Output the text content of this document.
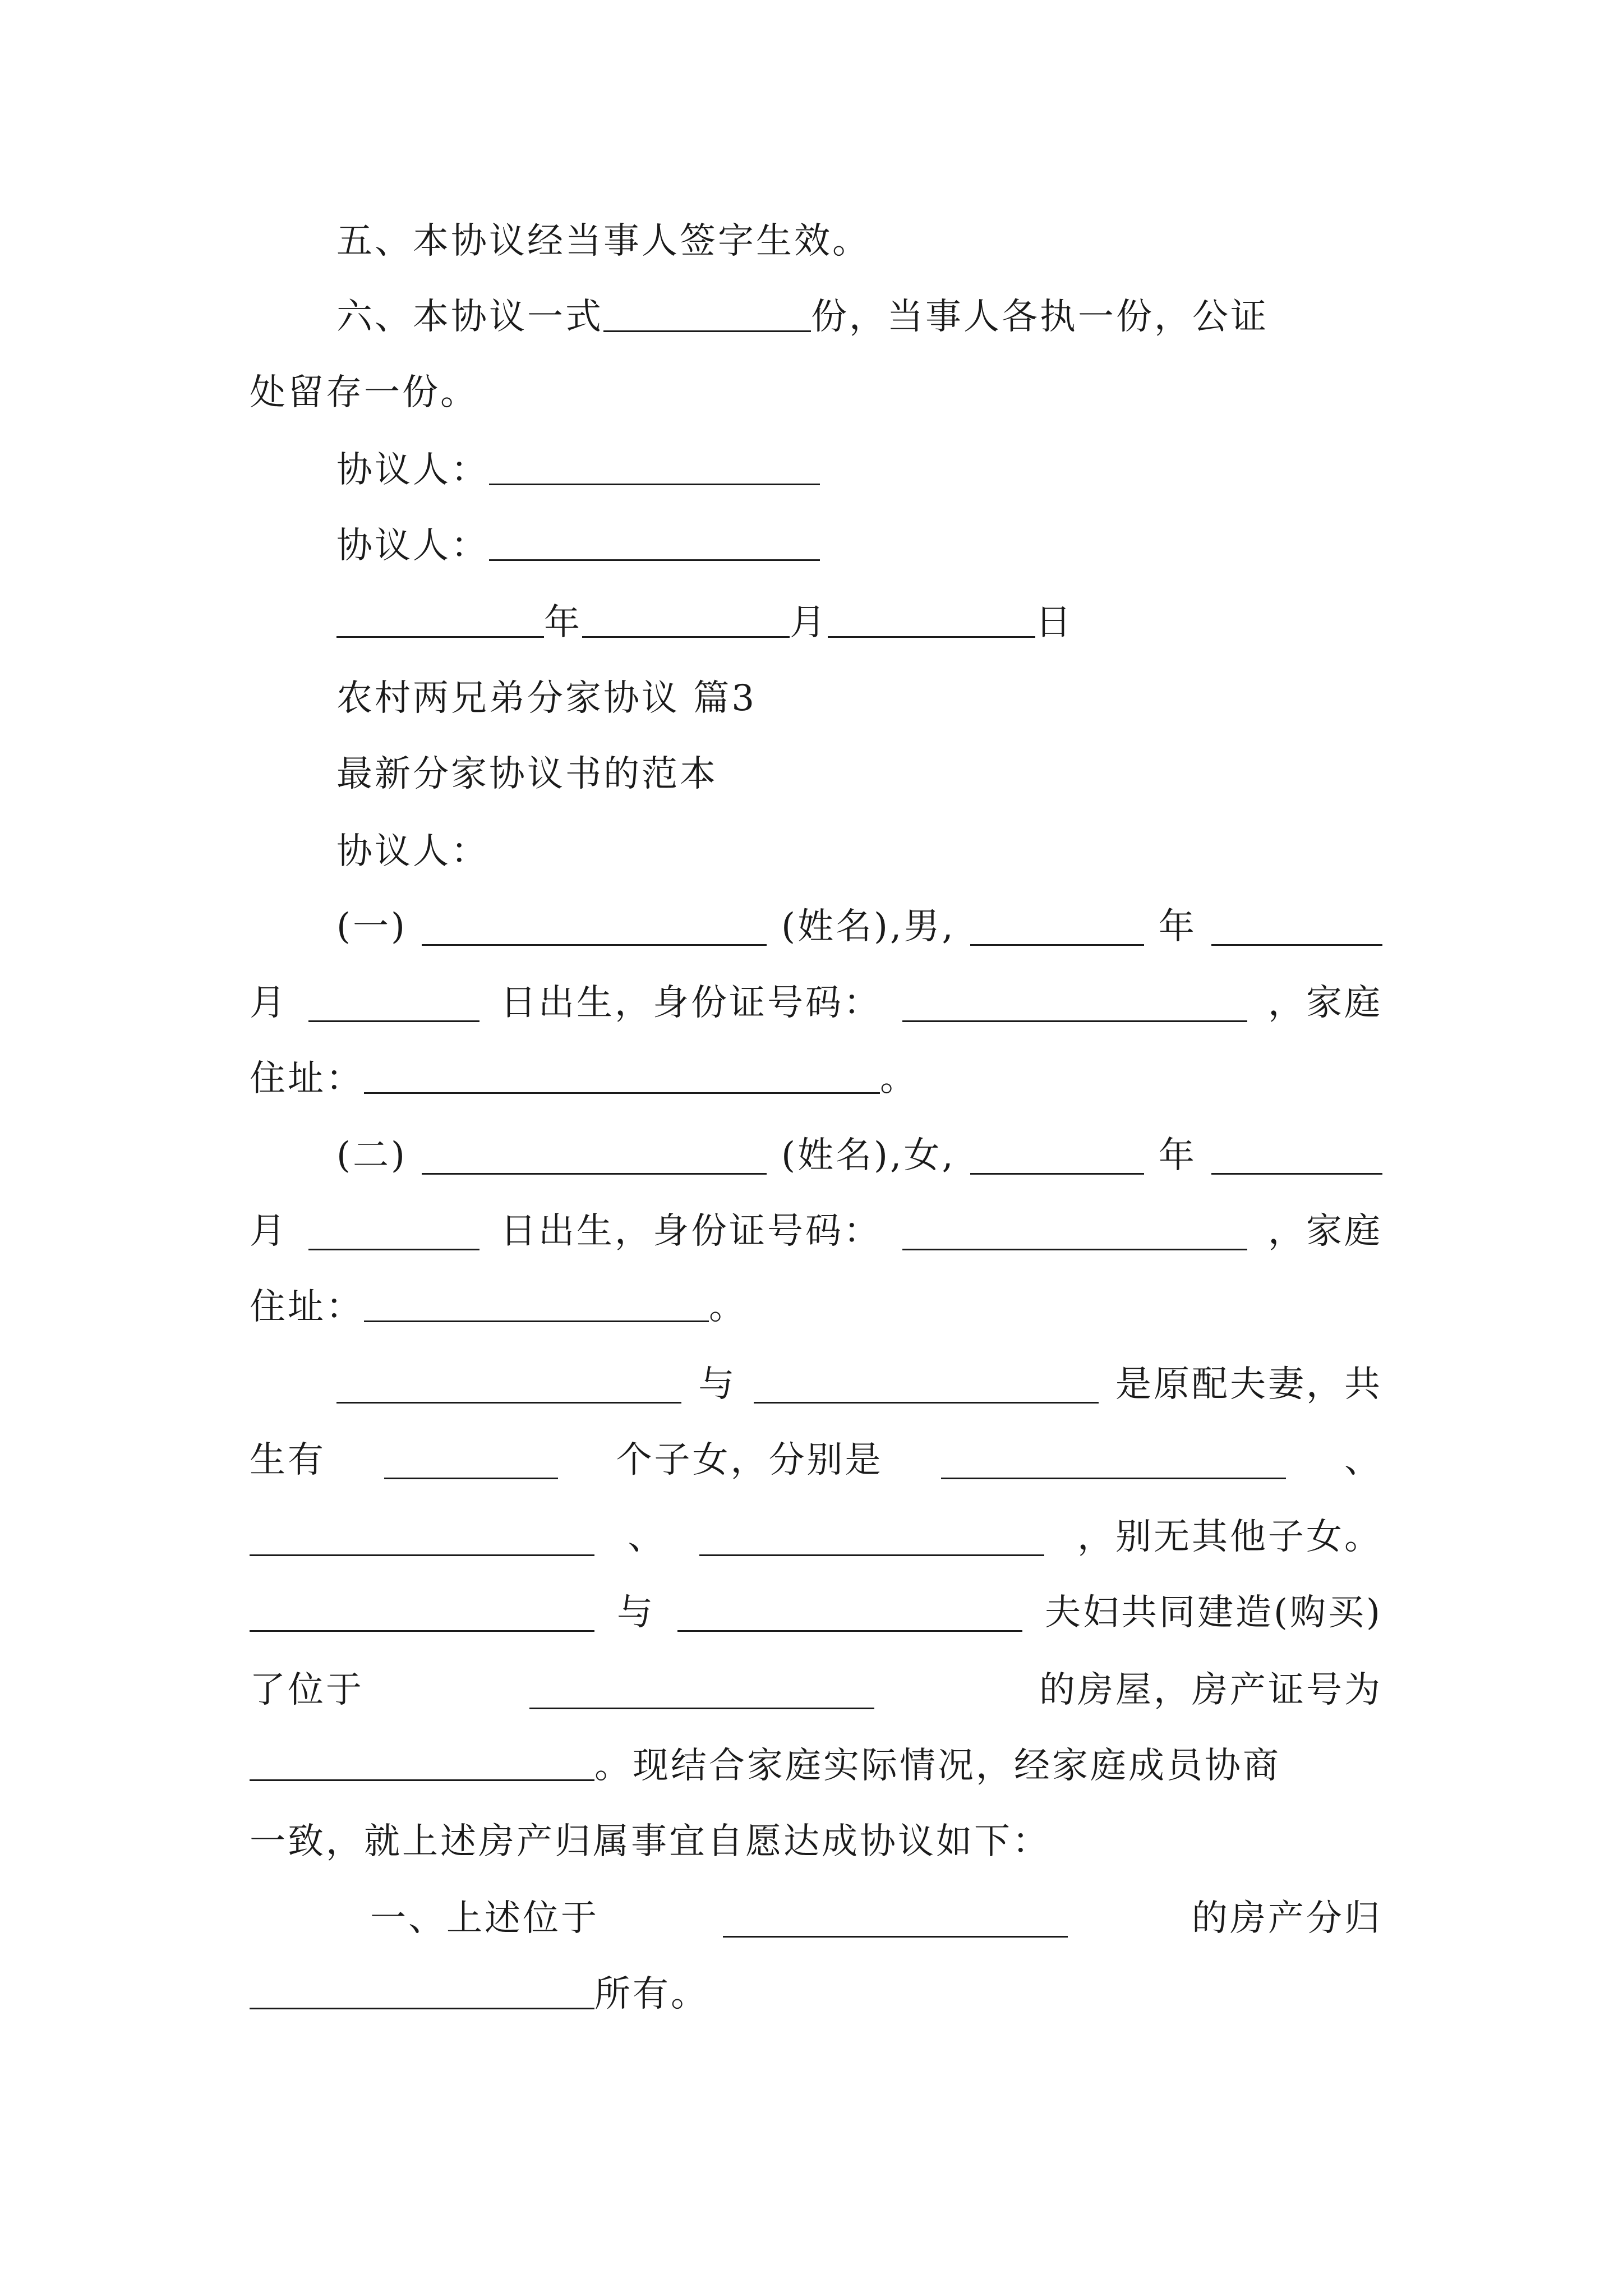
五、本协议经当事人签字生效。
六、本协议一式	份，当事人各执一份，公证
处留存一份。
协议人：
协议人：
年	月	日
农村两兄弟分家协议 篇3
最新分家协议书的范本
协议人：
(一)	(姓名),男,	年
月	日出生，身份证号码：	，家庭
住址：	。
(二)	(姓名),女,	年
月	日出生，身份证号码：	，家庭
住址：	。
与	是原配夫妻，共
生有	个子女，分别是	、
、	，别无其他子女。
与	夫妇共同建造(购买)
了位于	的房屋，房产证号为
。现结合家庭实际情况，经家庭成员协商
一致，就上述房产归属事宜自愿达成协议如下：
一、上述位于	的房产分归
所有。
